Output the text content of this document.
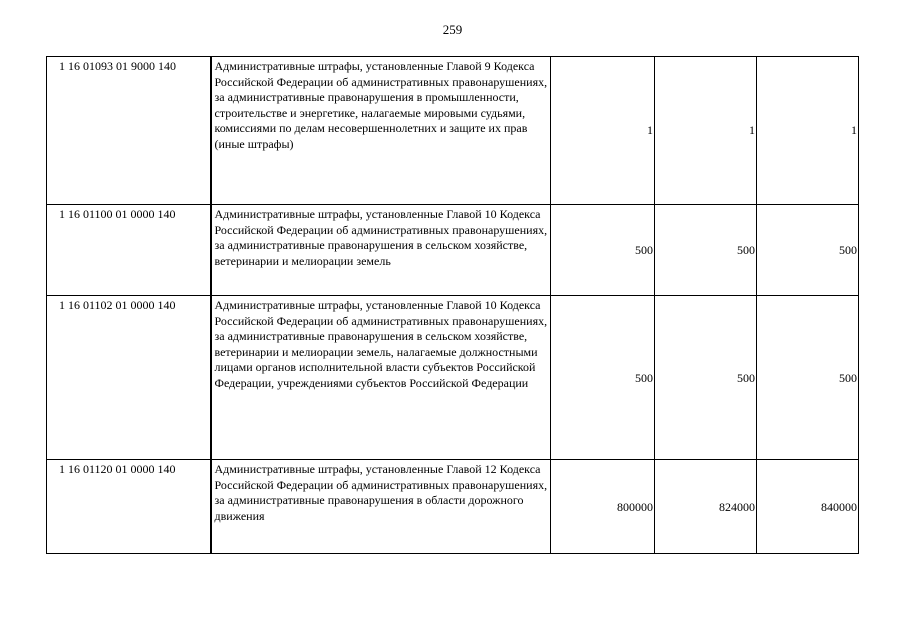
259
1 16 01093 01 9000 140	Административные штрафы, установленные Главой 9 Кодекса Российской Федерации об административных правонарушениях, за административные правонарушения в промышленности, строительстве и энергетике, налагаемые мировыми судьями, комиссиями по делам несовершеннолетних и защите их прав (иные штрафы)	1	1	1
1 16 01100 01 0000 140	Административные штрафы, установленные Главой 10 Кодекса Российской Федерации об административных правонарушениях, за административные правонарушения в сельском хозяйстве, ветеринарии и мелиорации земель	500	500	500
1 16 01102 01 0000 140	Административные штрафы, установленные Главой 10 Кодекса Российской Федерации об административных правонарушениях, за административные правонарушения в сельском хозяйстве, ветеринарии и мелиорации земель, налагаемые должностными лицами органов исполнительной власти субъектов Российской Федерации, учреждениями субъектов Российской Федерации	500	500	500
1 16 01120 01 0000 140	Административные штрафы, установленные Главой 12 Кодекса Российской Федерации об административных правонарушениях, за административные правонарушения в области дорожного движения	800000	824000	840000
